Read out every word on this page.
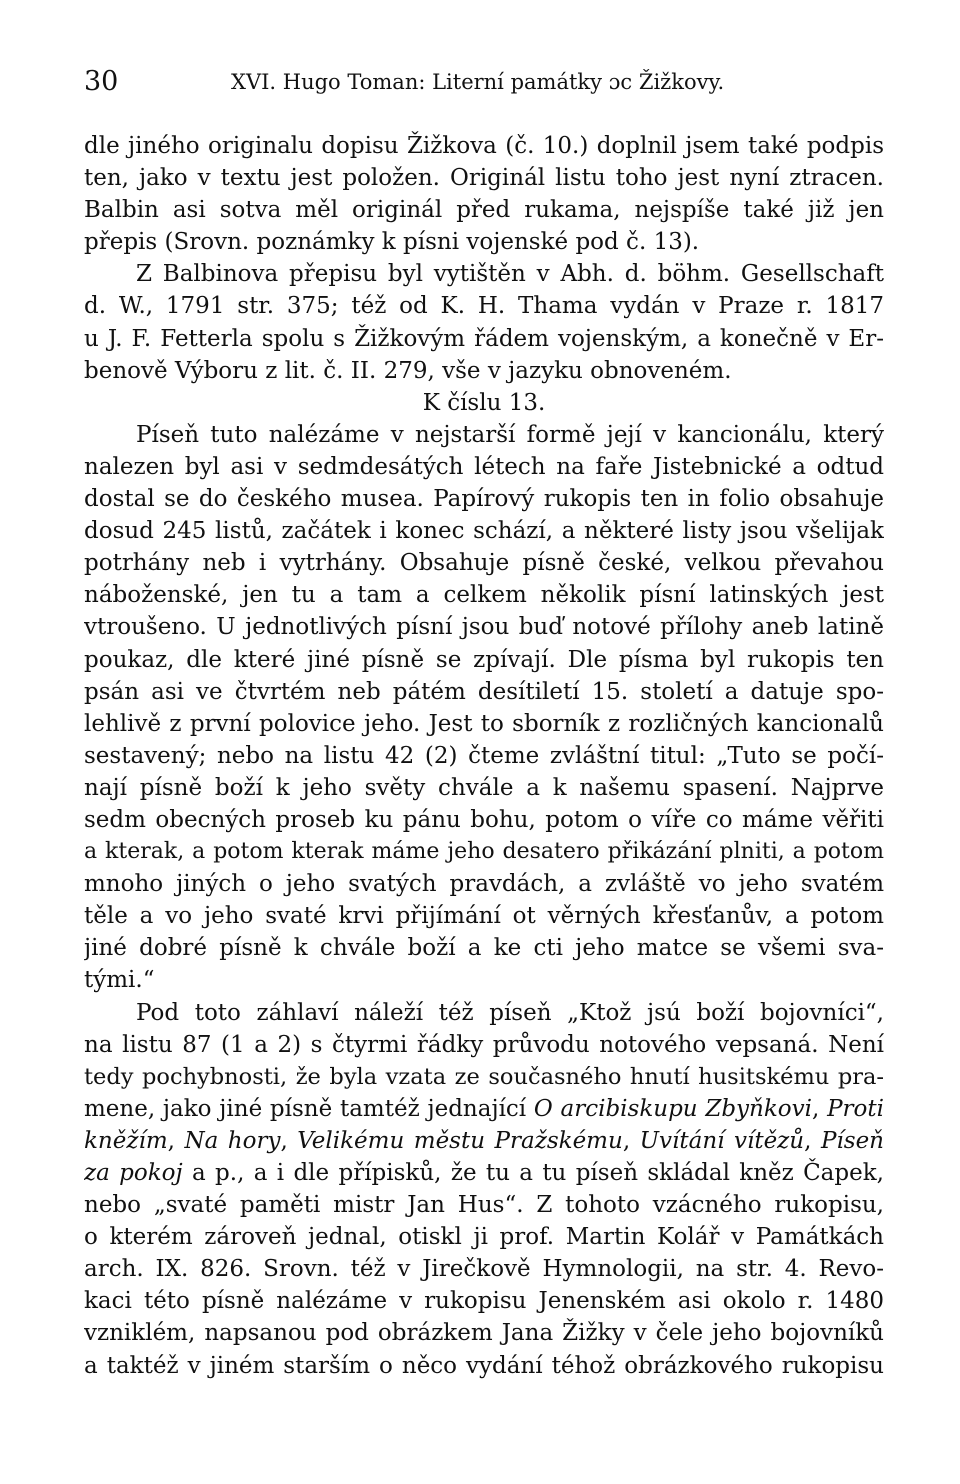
30	XVI. Hugo Toman: Literní památky ɔc Žižkovy.
dle jiného originalu dopisu Žižkova (č. 10.) doplnil jsem také podpis
ten, jako v textu jest položen. Originál listu toho jest nyní ztracen.
Balbin asi sotva měl originál před rukama, nejspíše také již jen
přepis (Srovn. poznámky k písni vojenské pod č. 13).
Z Balbinova přepisu byl vytištěn v Abh. d. böhm. Gesellschaft
d. W., 1791 str. 375; též od K. H. Thama vydán v Praze r. 1817
u J. F. Fetterla spolu s Žižkovým řádem vojenským, a konečně v Er-
benově Výboru z lit. č. II. 279, vše v jazyku obnoveném.
K číslu 13.
Píseň tuto nalézáme v nejstarší formě její v kancionálu, který
nalezen byl asi v sedmdesátých létech na faře Jistebnické a odtud
dostal se do českého musea. Papírový rukopis ten in folio obsahuje
dosud 245 listů, začátek i konec schází, a některé listy jsou všelijak
potrhány neb i vytrhány. Obsahuje písně české, velkou převahou
náboženské, jen tu a tam a celkem několik písní latinských jest
vtroušeno. U jednotlivých písní jsou buď notové přílohy aneb latině
poukaz, dle které jiné písně se zpívají. Dle písma byl rukopis ten
psán asi ve čtvrtém neb pátém desítiletí 15. století a datuje spo-
lehlivě z první polovice jeho. Jest to sborník z rozličných kancionalů
sestavený; nebo na listu 42 (2) čteme zvláštní titul: „Tuto se počí-
nají písně boží k jeho světy chvále a k našemu spasení. Najprve
sedm obecných proseb ku pánu bohu, potom o víře co máme věřiti
a kterak, a potom kterak máme jeho desatero přikázání plniti, a potom
mnoho jiných o jeho svatých pravdách, a zvláště vo jeho svatém
těle a vo jeho svaté krvi přijímání ot věrných křesťanův, a potom
jiné dobré písně k chvále boží a ke cti jeho matce se všemi sva-
tými.“
Pod toto záhlaví náleží též píseň „Ktož jsú boží bojovníci“,
na listu 87 (1 a 2) s čtyrmi řádky průvodu notového vepsaná. Není
tedy pochybnosti, že byla vzata ze současného hnutí husitskému pra-
mene, jako jiné písně tamtéž jednající O arcibiskupu Zbyňkovi, Proti
kněžím, Na hory, Velikému městu Pražskému, Uvítání vítězů, Píseň
za pokoj a p., a i dle přípisků, že tu a tu píseň skládal kněz Čapek,
nebo „svaté paměti mistr Jan Hus“. Z tohoto vzácného rukopisu,
o kterém zároveň jednal, otiskl ji prof. Martin Kolář v Památkách
arch. IX. 826. Srovn. též v Jirečkově Hymnologii, na str. 4. Revo-
kaci této písně nalézáme v rukopisu Jenenském asi okolo r. 1480
vzniklém, napsanou pod obrázkem Jana Žižky v čele jeho bojovníků
a taktéž v jiném starším o něco vydání téhož obrázkového rukopisu
